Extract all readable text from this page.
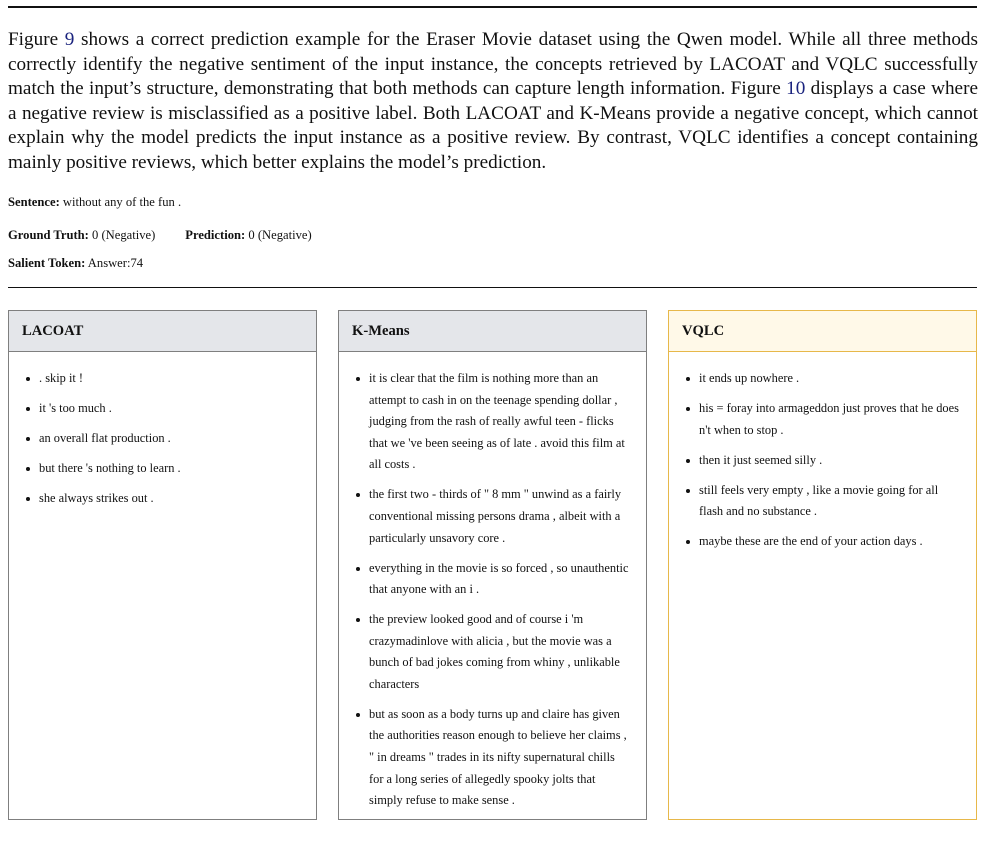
Figure 9 shows a correct prediction example for the Eraser Movie dataset using the Qwen model. While all three methods correctly identify the negative sentiment of the input instance, the concepts retrieved by LACOAT and VQLC successfully match the input’s structure, demonstrating that both methods can capture length information. Figure 10 displays a case where a negative review is misclassified as a positive label. Both LACOAT and K-Means provide a negative concept, which cannot explain why the model predicts the input instance as a positive review. By contrast, VQLC identifies a concept containing mainly positive reviews, which better explains the model’s prediction.

Sentence: without any of the fun .
Ground Truth: 0 (Negative) Prediction: 0 (Negative)
Salient Token: Answer:74
LACOAT
. skip it !
it 's too much .
an overall flat production .
but there 's nothing to learn .
she always strikes out .
K-Means
it is clear that the film is nothing more than an attempt to cash in on the teenage spending dollar , judging from the rash of really awful teen - flicks that we 've been seeing as of late . avoid this film at all costs .
the first two - thirds of " 8 mm " unwind as a fairly conventional missing persons drama , albeit with a particularly unsavory core .
everything in the movie is so forced , so unauthentic that anyone with an i .
the preview looked good and of course i 'm crazymadinlove with alicia , but the movie was a bunch of bad jokes coming from whiny , unlikable characters
but as soon as a body turns up and claire has given the authorities reason enough to believe her claims , " in dreams " trades in its nifty supernatural chills for a long series of allegedly spooky jolts that simply refuse to make sense .
VQLC
it ends up nowhere .
his = foray into armageddon just proves that he does n't when to stop .
then it just seemed silly .
still feels very empty , like a movie going for all flash and no substance .
maybe these are the end of your action days .
